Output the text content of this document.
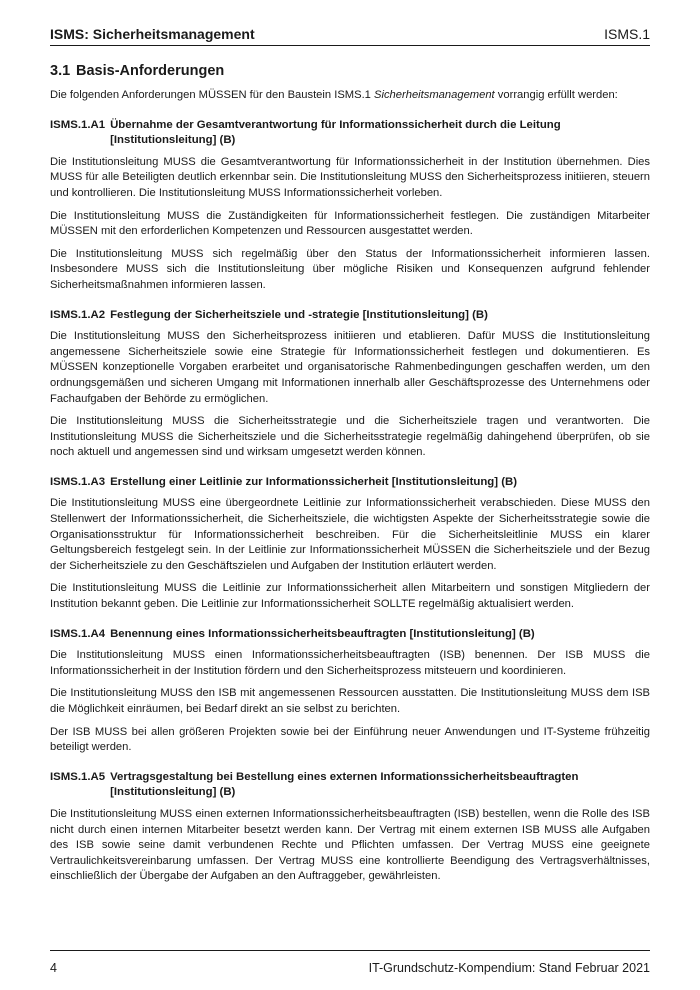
ISMS: Sicherheitsmanagement	ISMS.1
3.1 Basis-Anforderungen

Die folgenden Anforderungen MÜSSEN für den Baustein ISMS.1 Sicherheitsmanagement vorrangig erfüllt werden:

ISMS.1.A1 Übernahme der Gesamtverantwortung für Informationssicherheit durch die Leitung [Institutionsleitung] (B)

Die Institutionsleitung MUSS die Gesamtverantwortung für Informationssicherheit in der Institution übernehmen. Dies MUSS für alle Beteiligten deutlich erkennbar sein. Die Institutionsleitung MUSS den Sicherheitsprozess initiieren, steuern und kontrollieren. Die Institutionsleitung MUSS Informationssicherheit vorleben.

Die Institutionsleitung MUSS die Zuständigkeiten für Informationssicherheit festlegen. Die zuständigen Mitarbeiter MÜSSEN mit den erforderlichen Kompetenzen und Ressourcen ausgestattet werden.

Die Institutionsleitung MUSS sich regelmäßig über den Status der Informationssicherheit informieren lassen. Insbesondere MUSS sich die Institutionsleitung über mögliche Risiken und Konsequenzen aufgrund fehlender Sicherheitsmaßnahmen informieren lassen.

ISMS.1.A2 Festlegung der Sicherheitsziele und -strategie [Institutionsleitung] (B)

Die Institutionsleitung MUSS den Sicherheitsprozess initiieren und etablieren. Dafür MUSS die Institutionsleitung angemessene Sicherheitsziele sowie eine Strategie für Informationssicherheit festlegen und dokumentieren. Es MÜSSEN konzeptionelle Vorgaben erarbeitet und organisatorische Rahmenbedingungen geschaffen werden, um den ordnungsgemäßen und sicheren Umgang mit Informationen innerhalb aller Geschäftsprozesse des Unternehmens oder Fachaufgaben der Behörde zu ermöglichen.

Die Institutionsleitung MUSS die Sicherheitsstrategie und die Sicherheitsziele tragen und verantworten. Die Institutionsleitung MUSS die Sicherheitsziele und die Sicherheitsstrategie regelmäßig dahingehend überprüfen, ob sie noch aktuell und angemessen sind und wirksam umgesetzt werden können.

ISMS.1.A3 Erstellung einer Leitlinie zur Informationssicherheit [Institutionsleitung] (B)

Die Institutionsleitung MUSS eine übergeordnete Leitlinie zur Informationssicherheit verabschieden. Diese MUSS den Stellenwert der Informationssicherheit, die Sicherheitsziele, die wichtigsten Aspekte der Sicherheitsstrategie sowie die Organisationsstruktur für Informationssicherheit beschreiben. Für die Sicherheitsleitlinie MUSS ein klarer Geltungsbereich festgelegt sein. In der Leitlinie zur Informationssicherheit MÜSSEN die Sicherheitsziele und der Bezug der Sicherheitsziele zu den Geschäftszielen und Aufgaben der Institution erläutert werden.

Die Institutionsleitung MUSS die Leitlinie zur Informationssicherheit allen Mitarbeitern und sonstigen Mitgliedern der Institution bekannt geben. Die Leitlinie zur Informationssicherheit SOLLTE regelmäßig aktualisiert werden.

ISMS.1.A4 Benennung eines Informationssicherheitsbeauftragten [Institutionsleitung] (B)

Die Institutionsleitung MUSS einen Informationssicherheitsbeauftragten (ISB) benennen. Der ISB MUSS die Informationssicherheit in der Institution fördern und den Sicherheitsprozess mitsteuern und koordinieren.

Die Institutionsleitung MUSS den ISB mit angemessenen Ressourcen ausstatten. Die Institutionsleitung MUSS dem ISB die Möglichkeit einräumen, bei Bedarf direkt an sie selbst zu berichten.

Der ISB MUSS bei allen größeren Projekten sowie bei der Einführung neuer Anwendungen und IT-Systeme frühzeitig beteiligt werden.

ISMS.1.A5 Vertragsgestaltung bei Bestellung eines externen Informationssicherheitsbeauftragten [Institutionsleitung] (B)

Die Institutionsleitung MUSS einen externen Informationssicherheitsbeauftragten (ISB) bestellen, wenn die Rolle des ISB nicht durch einen internen Mitarbeiter besetzt werden kann. Der Vertrag mit einem externen ISB MUSS alle Aufgaben des ISB sowie seine damit verbundenen Rechte und Pflichten umfassen. Der Vertrag MUSS eine geeignete Vertraulichkeitsvereinbarung umfassen. Der Vertrag MUSS eine kontrollierte Beendigung des Vertragsverhältnisses, einschließlich der Übergabe der Aufgaben an den Auftraggeber, gewährleisten.

4	IT-Grundschutz-Kompendium: Stand Februar 2021
